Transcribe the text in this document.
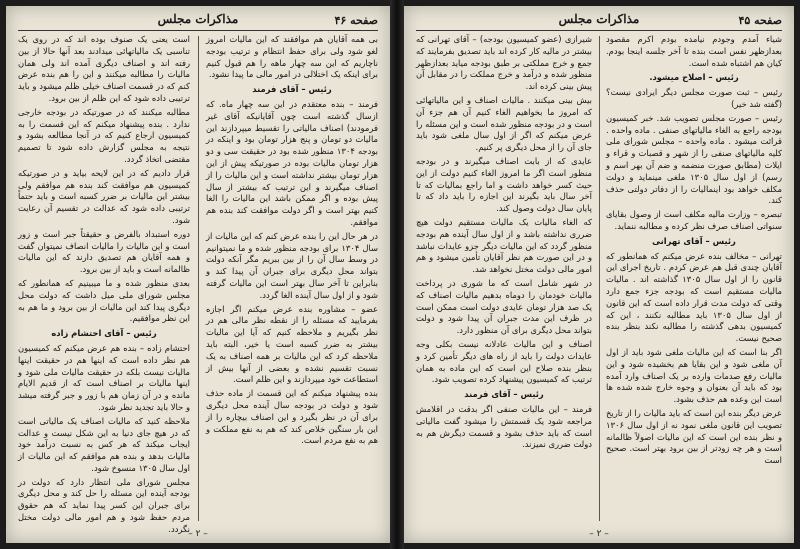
صفحه ۴۶
مذاکرات مجلس

بی همه آقایان هم موافقند که این مالیات امروز لغو شود ولی برای حفظ انتظام و ترتیب بودجه ناچاریم که این سه چهار ماهه را هم قبول کنیم برای اینکه یک اختلالی در امور مالی ما پیدا نشود.

رئیس – آقای فرمند

فرمند – بنده معتقدم در این سه چهار ماه. که ازسال گذشته است چون آقایانیکه آقای غیر فرمودند) اصناف مالیاتی را تقسیط میپردازند این مالیات دو تومان و پنج هزار تومان بود و اینکه در بودجه ۱۳۰۴ منظور شده بود در حقیقت سی و دو هزار تومان مالیات بوده در صورتیکه پیش از این هزار تومان بیشتر نداشته است و این مالیات را از اصناف میگیرند و این ترتیب که بیشتر از سال پیش بوده و اگر ممکن باشد این مالیات را الغا کنیم بهتر است و اگر دولت موافقت کند بنده هم موافقم.

در هر حال این را بنده عرض کنم که این مالیات از سال ۱۳۰۴ برای بودجه منظور شده و ما نمیتوانیم در وسط سال آن را از بین ببریم مگر آنکه دولت بتواند محل دیگری برای جبران آن پیدا کند و بنابراین تا آخر سال بهتر است این مالیات گرفته شود و از اول سال آینده الغا گردد.

عضو – مشاوره بنده عرض میکنم اگر اجازه بفرمایید که مسئله را از نقطه نظر مالی هم در نظر بگیریم و ملاحظه کنیم که آیا این مالیات بیشتر به ضرر کسبه است یا خیر، البته باید ملاحظه کرد که این مالیات بر همه اصناف به یک نسبت تقسیم نشده و بعضی از آنها بیش از استطاعت خود میپردازند و این ظلم است.

بنده پیشنهاد میکنم که این قسمت از ماده حذف شود و دولت در بودجه سال آینده محل دیگری برای آن در نظر بگیرد و این اصناف بیچاره را از این بار سنگین خلاص کند که هم به نفع مملکت و هم به نفع مردم است.

است یعنی یک صنوف بوده اند که در روی یک تناسبی یک مالیاتهائی میدادند بعد آنها حالا از بین رفته اند و اصناف دیگری آمده اند ولی همان مالیات را مطالبه میکنند و این را هم بنده عرض کنم که در قسمت اصناف خیلی ظلم میشود و باید ترتیبی داده شود که این ظلم از بین برود.

مطالبه میکنند که در صورتیکه در بودجه خارجی ندارد . بنده پیشنهاد میکنم که این قسمت را به کمیسیون ارجاع کنیم که در آنجا مطالعه بشود و نتیجه به مجلس گزارش داده شود تا تصمیم مقتضی اتخاذ گردد.

قرار دادیم که در این لایحه بیاید و در صورتیکه کمیسیون هم موافقت کند بنده هم موافقم ولی بیشتر این مالیات بر ضرر کسبه است و باید حتماً ترتیبی داده شود که عدالت در تقسیم آن رعایت شود.

دوره استبداد بالفرض و حقیقتاً جبر است و زور است و این مالیات را مالیات انصاف نمیتوان گفت و همه آقایان هم تصدیق دارند که این مالیات ظالمانه است و باید از بین برود.

بعدی منظور شده و ما میبینیم که همانطور که مجلس شورای ملی میل داشت که دولت محل دیگری پیدا کند این مالیات از بین برود و ما هم به این نظر موافقیم.

رئیس – آقای احتشام زاده

احتشام زاده – بنده هم عرض میکنم که کمیسیون هم نظر داده است که اینها هم در حقیقت اینها مالیات نیست بلکه در حقیقت مالیات ملی شود و اینها مالیات بر اصناف است که از قدیم الایام مانده و در آن زمان هم با زور و جبر گرفته میشد و حالا باید تجدید نظر شود.

ملاحظه کنید که مالیات اصناف یک مالیاتی است که در هیچ جای دنیا به این شکل نیست و عدالت ایجاب میکند که هر کس به نسبت درآمد خود مالیات بدهد و بنده هم موافقم که این مالیات از اول سال ۱۳۰۵ منسوخ شود.

مجلس شورای ملی انتظار دارد که دولت در بودجه آینده این مسئله را حل کند و محل دیگری برای جبران این کسر پیدا نماید که هم حقوق مردم حفظ شود و هم امور مالی دولت مختل نگردد.

– ۲ –
صفحه ۴۵
مذاکرات مجلس

شیاء آمدم وجودم نیامده بودم اکرم مقصود بعدازظهر نفس است بنده تا آخر جلسه اینجا بودم. کیان هم اشتباه شده است.

رئیس – اصلاح میشود.

رئیس – ثبت صورت مجلس دیگر ایرادی نیست؟ (گفته شد خیر)

رئیس – صورت مجلس تصویب شد. خبر کمیسیون بودجه راجع به الغاء مالیاتهای صنفی . ماده واحده . قرائت میشود . ماده واحده – مجلس شورای ملی کلیه مالیاتهای صنفی را از شهر و قصبات و قراء و ایلات (مطابق صورت منضمه و ضم آن بهر اسم و رسم) از اول سال ۱۳۰۵ ملغی مینماید و دولت مکلف خواهد بود اینمالیات را از دفاتر دولتی حذف کند.

تبصره – وزارت مالیه مکلف است از وصول بقایای سنواتی اصناف صرف نظر کرده و مطالبه ننماید.

رئیس – آقای تهرانی

تهرانی – مخالف بنده عرض میکنم که همانطور که آقایان چندی قبل هم عرض کردم . تاریخ اجرای این قانون را از اول سال ۱۳۰۵ گذاشته اند . مالیات مالیات مستقیم است که بودجه جزء جمع دارد وقتی که دولت مدت قرار داده است که این قانون از اول سال ۱۳۰۵ باید مطالبه نکنند ، این که کمیسیون بدهی گذشته را مطالبه نکند بنظر بنده صحیح نیست.

اگر بنا است که این مالیات ملغی شود باید از اول آن ملغی شود و این بقایا هم بخشیده شود و این مالیات رفع صدمات وارده بر یک اصناف وارد آمده بود که باید آن بعنوان و وجوه خارج شده شده ها است این وعده هم حذف بشود.

عرض دیگر بنده این است که باید مالیات را از تاریخ تصویب این قانون ملغی نمود نه از اول سال ۱۳۰۶ و نظر بنده این است که این مالیات اصولاً ظالمانه است و هر چه زودتر از بین برود بهتر است. صحیح است

شیرازی (عضو کمیسیون بودجه) – آقای تهرانی که بیشتر در مالیه کار کرده اند باید تصدیق بفرمایند که جمع و خرج مملکتی بر طبق بودجه میاید بعدازظهر منظور شده و درآمد و خرج مملکت را در مقابل آن پیش بینی کرده اند.

بیش بینی میکنند . مالیات اصناف و این مالیاتهائی که امروز ما بخواهیم الغاء کنیم آن هم جزء آن است و در بودجه منظور شده است و این مسئله را عرض میکنم که اگر از اول سال ملغی شود باید جای آن را از محل دیگری پر کنیم.

عایدی که از بابت اصناف میگیرند و در بودجه منظور است اگر ما امروز الغاء کنیم دولت از این حیث کسر خواهد داشت و اما راجع بمالیات که تا آخر سال باید بگیرند این اجازه را باید داد که تا پایان سال دولت وصول کند.

که الغاء مالیات یک مالیات مستقیم دولت هیچ ضرری نداشته باشد و از اول سال آینده هم بودجه منظور گردد که این مالیات دیگر جزو عایدات نباشد و در این صورت هم نظر آقایان تأمین میشود و هم امور مالی دولت مختل نخواهد شد.

در شهر شامل است که ما شوری در پرداخت مالیات خودمان را دوماه بدهیم مالیات اصناف که یک صد هزار تومان عایدی دولت است ممکن است در ظرف این مدت جبران آن پیدا شود و دولت بتواند محل دیگری برای آن منظور دارد.

اصناف و این مالیات عادلانه نیست بکلی وجه عایدات دولت را باید از راه های دیگر تأمین کرد و بنظر بنده صلاح این است که این ماده به همان ترتیب که کمیسیون پیشنهاد کرده تصویب شود.

رئیس – آقای فرمند

فرمند – این مالیات صنفی اگر بدقت در اقلامش مراجعه شود یک قسمتش را میشود گفت مالیاتی است که باید حذف بشود و قسمت دیگرش هم به دولت ضرری نمیزند.

– ۲ –
